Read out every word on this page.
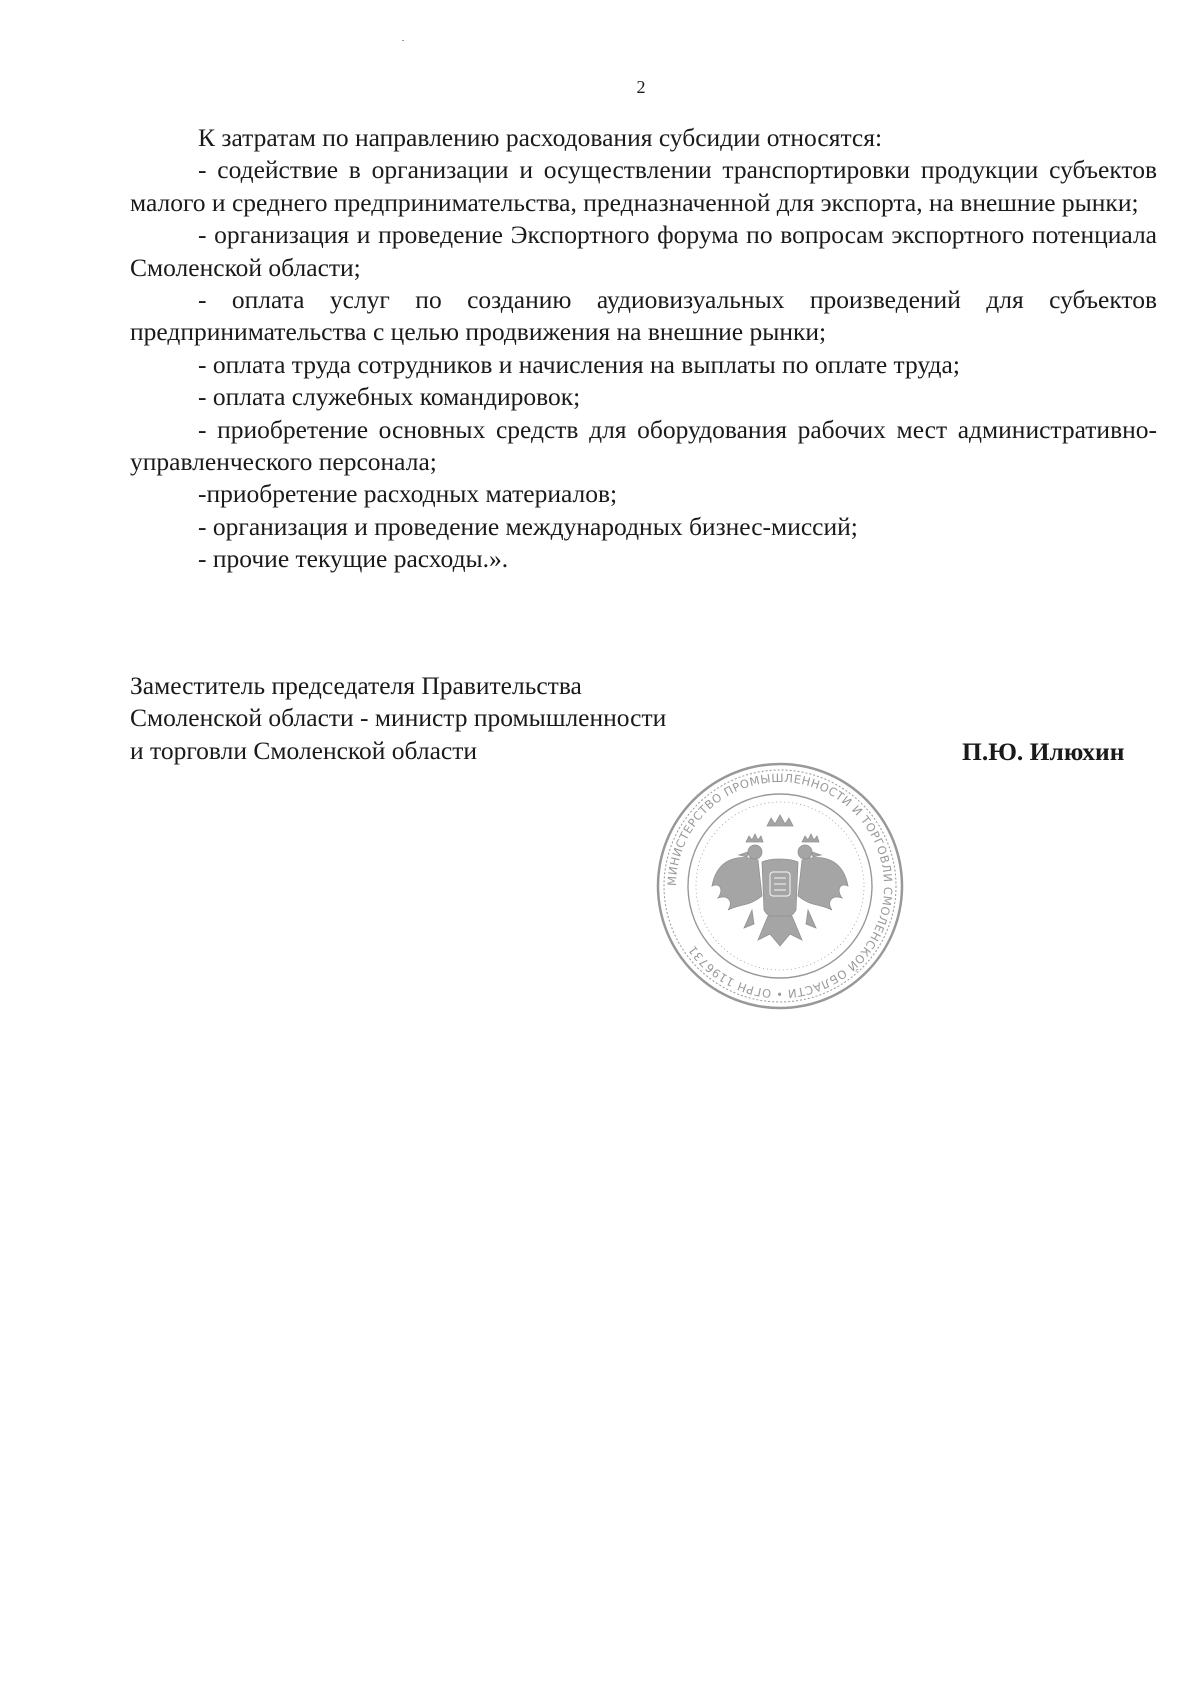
2

К затратам по направлению расходования субсидии относятся:

- содействие в организации и осуществлении транспортировки продукции субъектов малого и среднего предпринимательства, предназначенной для экспорта, на внешние рынки;

- организация и проведение Экспортного форума по вопросам экспортного потенциала Смоленской области;

- оплата услуг по созданию аудиовизуальных произведений для субъектов предпринимательства с целью продвижения на внешние рынки;

- оплата труда сотрудников и начисления на выплаты по оплате труда;

- оплата служебных командировок;

- приобретение основных средств для оборудования рабочих мест административно-управленческого персонала;

-приобретение расходных материалов;

- организация и проведение международных бизнес-миссий;

- прочие текущие расходы.».

Заместитель председателя Правительства
Смоленской области - министр промышленности
и торговли Смоленской области	П.Ю. Илюхин
МИНИСТЕРСТВО ПРОМЫШЛЕННОСТИ И ТОРГОВЛИ СМОЛЕНСКОЙ ОБЛАСТИ • ОГРН 1196731
